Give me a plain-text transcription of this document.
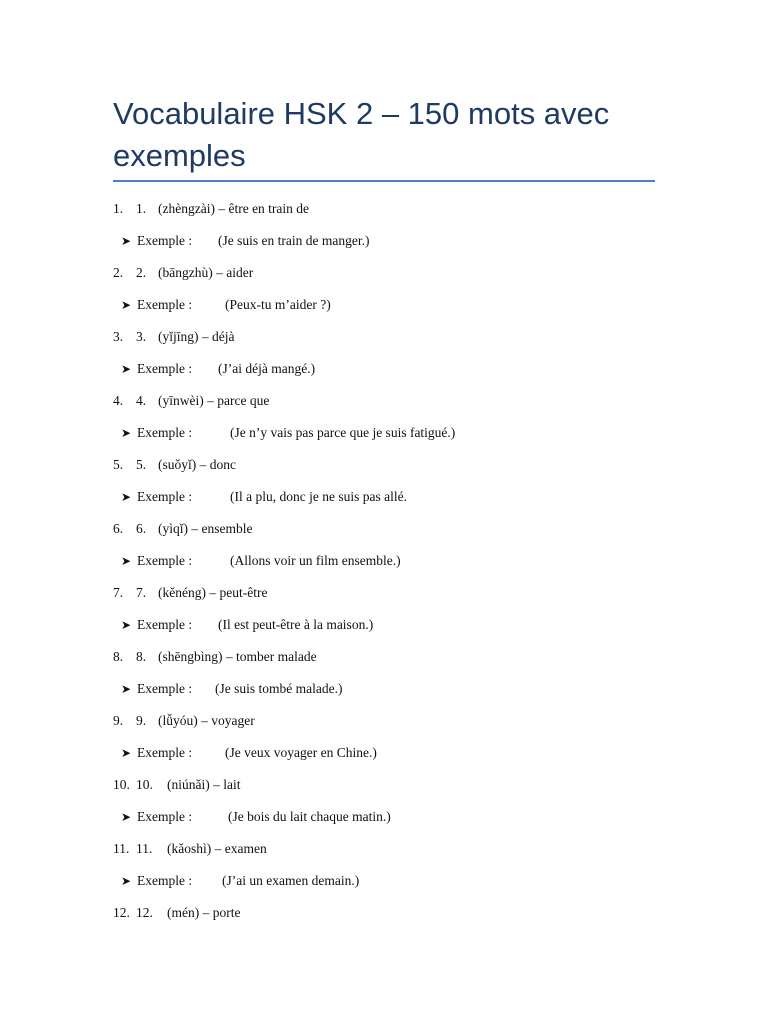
Vocabulaire HSK 2 – 150 mots avec exemples
1. 1. (zhèngzài) – être en train de
➤ Exemple : (Je suis en train de manger.)
2. 2. (bāngzhù) – aider
➤ Exemple : (Peux-tu m’aider ?)
3. 3. (yǐjīng) – déjà
➤ Exemple : (J’ai déjà mangé.)
4. 4. (yīnwèi) – parce que
➤ Exemple :	(Je n’y vais pas parce que je suis fatigué.)
5. 5. (suǒyǐ) – donc
➤ Exemple :	(Il a plu, donc je ne suis pas allé.
6. 6. (yìqǐ) – ensemble
➤ Exemple :	(Allons voir un film ensemble.)
7. 7. (kěnéng) – peut-être
➤ Exemple : (Il est peut-être à la maison.)
8. 8. (shēngbìng) – tomber malade
➤ Exemple : (Je suis tombé malade.)
9. 9. (lǚyóu) – voyager
➤ Exemple : (Je veux voyager en Chine.)
10. 10. (niúnǎi) – lait
➤ Exemple :	(Je bois du lait chaque matin.)
11. 11. (kǎoshì) – examen
➤ Exemple : (J’ai un examen demain.)
12. 12. (mén) – porte
